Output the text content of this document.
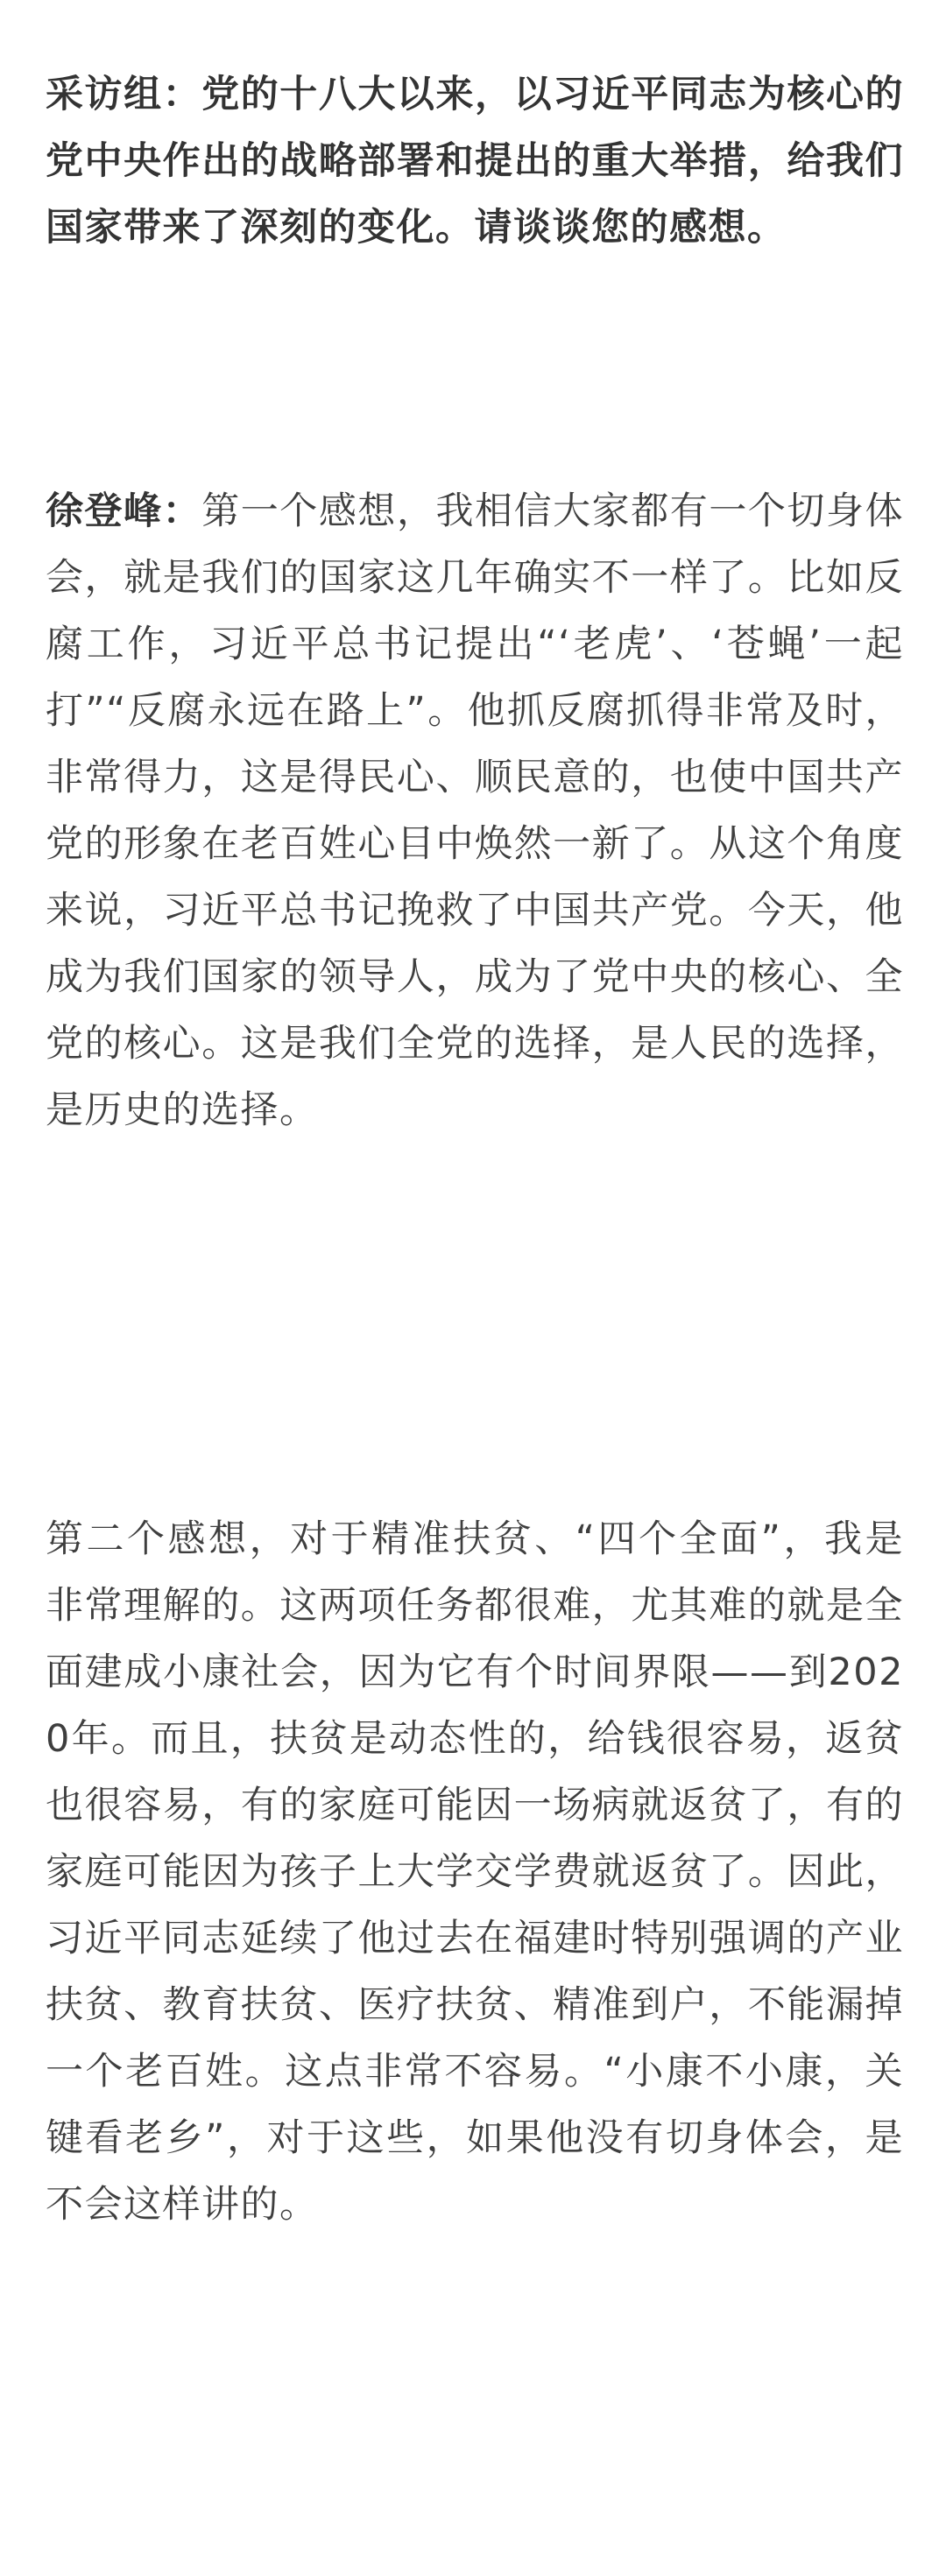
采访组：党的十八大以来，以习近平同志为核心的党中央作出的战略部署和提出的重大举措，给我们国家带来了深刻的变化。请谈谈您的感想。

徐登峰：第一个感想，我相信大家都有一个切身体会，就是我们的国家这几年确实不一样了。比如反腐工作，习近平总书记提出“‘老虎’、‘苍蝇’一起打”“反腐永远在路上”。他抓反腐抓得非常及时，非常得力，这是得民心、顺民意的，也使中国共产党的形象在老百姓心目中焕然一新了。从这个角度来说，习近平总书记挽救了中国共产党。今天，他成为我们国家的领导人，成为了党中央的核心、全党的核心。这是我们全党的选择，是人民的选择，是历史的选择。

第二个感想，对于精准扶贫、“四个全面”，我是非常理解的。这两项任务都很难，尤其难的就是全面建成小康社会，因为它有个时间界限——到2020年。而且，扶贫是动态性的，给钱很容易，返贫也很容易，有的家庭可能因一场病就返贫了，有的家庭可能因为孩子上大学交学费就返贫了。因此，习近平同志延续了他过去在福建时特别强调的产业扶贫、教育扶贫、医疗扶贫、精准到户，不能漏掉一个老百姓。这点非常不容易。“小康不小康，关键看老乡”，对于这些，如果他没有切身体会，是不会这样讲的。
